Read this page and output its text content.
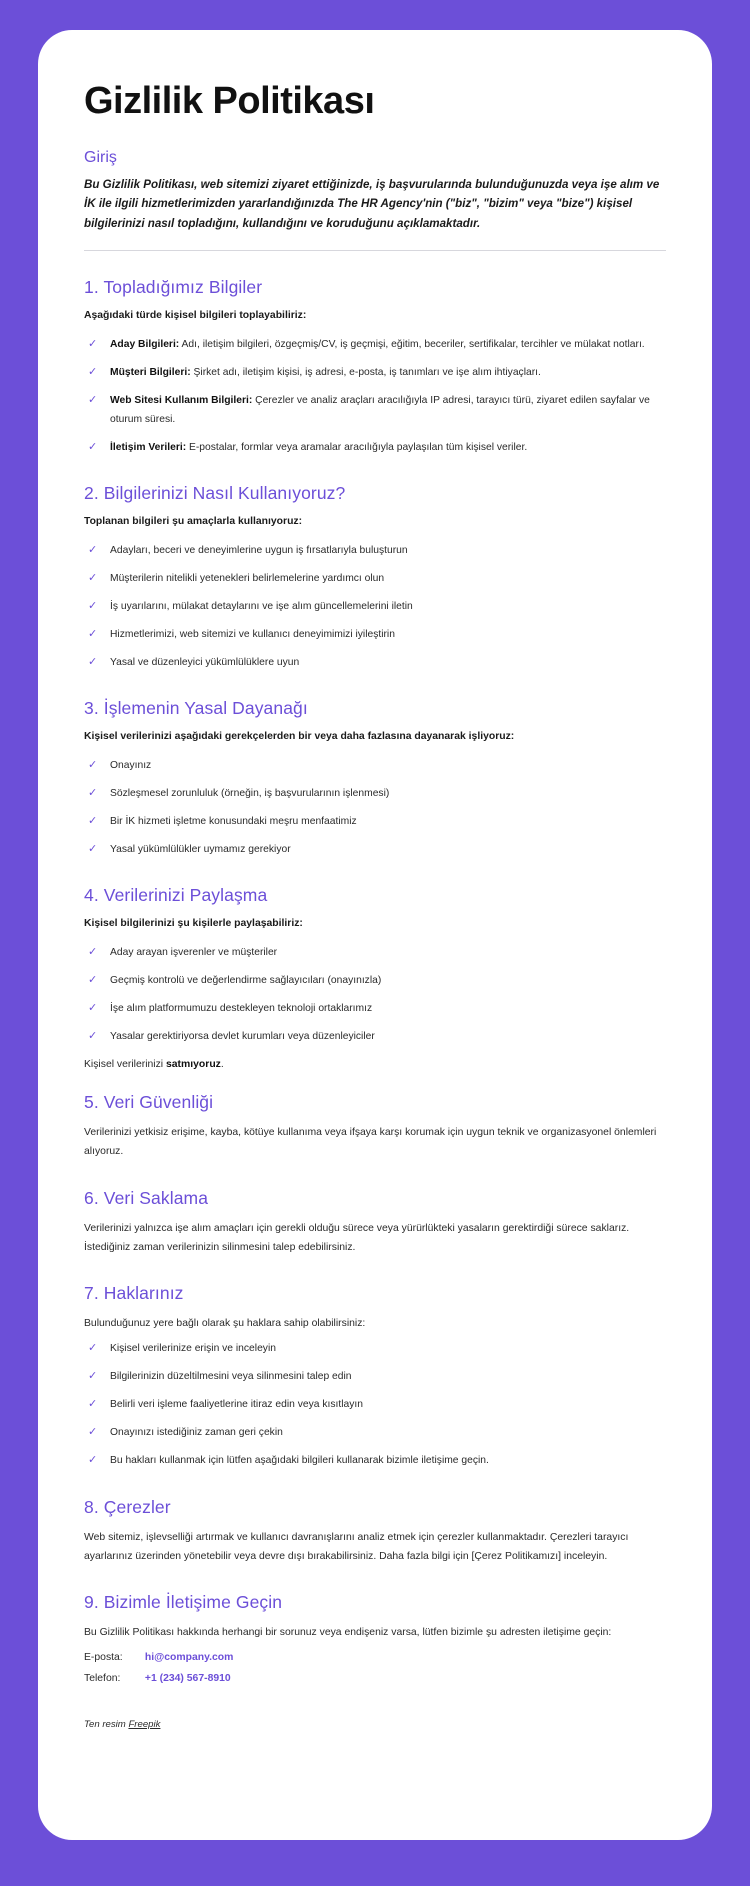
Gizlilik Politikası
Giriş

Bu Gizlilik Politikası, web sitemizi ziyaret ettiğinizde, iş başvurularında bulunduğunuzda veya işe alım ve İK ile ilgili hizmetlerimizden yararlandığınızda The HR Agency'nin ("biz", "bizim" veya "bize") kişisel bilgilerinizi nasıl topladığını, kullandığını ve koruduğunu açıklamaktadır.

1. Topladığımız Bilgiler

Aşağıdaki türde kişisel bilgileri toplayabiliriz:

✓ Aday Bilgileri: Adı, iletişim bilgileri, özgeçmiş/CV, iş geçmişi, eğitim, beceriler, sertifikalar, tercihler ve mülakat notları.
✓ Müşteri Bilgileri: Şirket adı, iletişim kişisi, iş adresi, e-posta, iş tanımları ve işe alım ihtiyaçları.
✓ Web Sitesi Kullanım Bilgileri: Çerezler ve analiz araçları aracılığıyla IP adresi, tarayıcı türü, ziyaret edilen sayfalar ve oturum süresi.
✓ İletişim Verileri: E-postalar, formlar veya aramalar aracılığıyla paylaşılan tüm kişisel veriler.
2. Bilgilerinizi Nasıl Kullanıyoruz?

Toplanan bilgileri şu amaçlarla kullanıyoruz:

✓ Adayları, beceri ve deneyimlerine uygun iş fırsatlarıyla buluşturun
✓ Müşterilerin nitelikli yetenekleri belirlemelerine yardımcı olun
✓ İş uyarılarını, mülakat detaylarını ve işe alım güncellemelerini iletin
✓ Hizmetlerimizi, web sitemizi ve kullanıcı deneyimimizi iyileştirin
✓ Yasal ve düzenleyici yükümlülüklere uyun
3. İşlemenin Yasal Dayanağı

Kişisel verilerinizi aşağıdaki gerekçelerden bir veya daha fazlasına dayanarak işliyoruz:

✓ Onayınız
✓ Sözleşmesel zorunluluk (örneğin, iş başvurularının işlenmesi)
✓ Bir İK hizmeti işletme konusundaki meşru menfaatimiz
✓ Yasal yükümlülükler uymamız gerekiyor
4. Verilerinizi Paylaşma

Kişisel bilgilerinizi şu kişilerle paylaşabiliriz:

✓ Aday arayan işverenler ve müşteriler
✓ Geçmiş kontrolü ve değerlendirme sağlayıcıları (onayınızla)
✓ İşe alım platformumuzu destekleyen teknoloji ortaklarımız
✓ Yasalar gerektiriyorsa devlet kurumları veya düzenleyiciler

Kişisel verilerinizi satmıyoruz.

5. Veri Güvenliği

Verilerinizi yetkisiz erişime, kayba, kötüye kullanıma veya ifşaya karşı korumak için uygun teknik ve organizasyonel önlemleri alıyoruz.

6. Veri Saklama

Verilerinizi yalnızca işe alım amaçları için gerekli olduğu sürece veya yürürlükteki yasaların gerektirdiği sürece saklarız. İstediğiniz zaman verilerinizin silinmesini talep edebilirsiniz.

7. Haklarınız

Bulunduğunuz yere bağlı olarak şu haklara sahip olabilirsiniz:

✓ Kişisel verilerinize erişin ve inceleyin
✓ Bilgilerinizin düzeltilmesini veya silinmesini talep edin
✓ Belirli veri işleme faaliyetlerine itiraz edin veya kısıtlayın
✓ Onayınızı istediğiniz zaman geri çekin
✓ Bu hakları kullanmak için lütfen aşağıdaki bilgileri kullanarak bizimle iletişime geçin.
8. Çerezler

Web sitemiz, işlevselliği artırmak ve kullanıcı davranışlarını analiz etmek için çerezler kullanmaktadır. Çerezleri tarayıcı ayarlarınız üzerinden yönetebilir veya devre dışı bırakabilirsiniz. Daha fazla bilgi için [Çerez Politikamızı] inceleyin.

9. Bizimle İletişime Geçin

Bu Gizlilik Politikası hakkında herhangi bir sorunuz veya endişeniz varsa, lütfen bizimle şu adresten iletişime geçin:

E-posta: hi@company.com

Telefon: +1 (234) 567-8910

Ten resim Freepik
